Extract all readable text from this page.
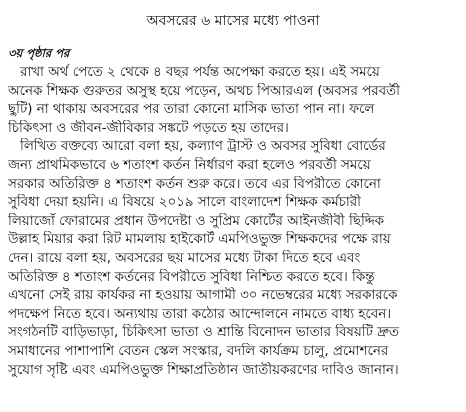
অবসরের ৬ মাসের মধ্যে পাওনা
৩য় পৃষ্ঠার পর
রাখা অর্থ পেতে ২ থেকে ৪ বছর পর্যন্ত অপেক্ষা করতে হয়। এই সময়ে
অনেক শিক্ষক গুরুতর অসুস্থ হয়ে পড়েন, অথচ পিআরএল (অবসর পরবর্তী
ছুটি) না থাকায় অবসরের পর তারা কোনো মাসিক ভাতা পান না। ফলে
চিকিৎসা ও জীবন-জীবিকার সঙ্কটে পড়তে হয় তাদের।
লিখিত বক্তব্যে আরো বলা হয়, কল্যাণ ট্রাস্ট ও অবসর সুবিধা বোর্ডের
জন্য প্রাথমিকভাবে ৬ শতাংশ কর্তন নির্ধারণ করা হলেও পরবর্তী সময়ে
সরকার অতিরিক্ত ৪ শতাংশ কর্তন শুরু করে। তবে এর বিপরীতে কোনো
সুবিধা দেয়া হয়নি। এ বিষয়ে ২০১৯ সালে বাংলাদেশ শিক্ষক কর্মচারী
লিয়াজোঁ ফোরামের প্রধান উপদেষ্টা ও সুপ্রিম কোর্টের আইনজীবী ছিদ্দিক
উল্লাহ মিয়ার করা রিট মামলায় হাইকোর্ট এমপিওভুক্ত শিক্ষকদের পক্ষে রায়
দেন। রায়ে বলা হয়, অবসরের ছয় মাসের মধ্যে টাকা দিতে হবে এবং
অতিরিক্ত ৪ শতাংশ কর্তনের বিপরীতে সুবিধা নিশ্চিত করতে হবে। কিন্তু
এখনো সেই রায় কার্যকর না হওয়ায় আগামী ৩০ নভেম্বরের মধ্যে সরকারকে
পদক্ষেপ নিতে হবে। অন্যথায় তারা কঠোর আন্দোলনে নামতে বাধ্য হবেন।
সংগঠনটি বাড়িভাড়া, চিকিৎসা ভাতা ও শ্রান্তি বিনোদন ভাতার বিষয়টি দ্রুত
সমাধানের পাশাপাশি বেতন স্কেল সংস্কার, বদলি কার্যক্রম চালু, প্রমোশনের
সুযোগ সৃষ্টি এবং এমপিওভুক্ত শিক্ষাপ্রতিষ্ঠান জাতীয়করণের দাবিও জানান।
